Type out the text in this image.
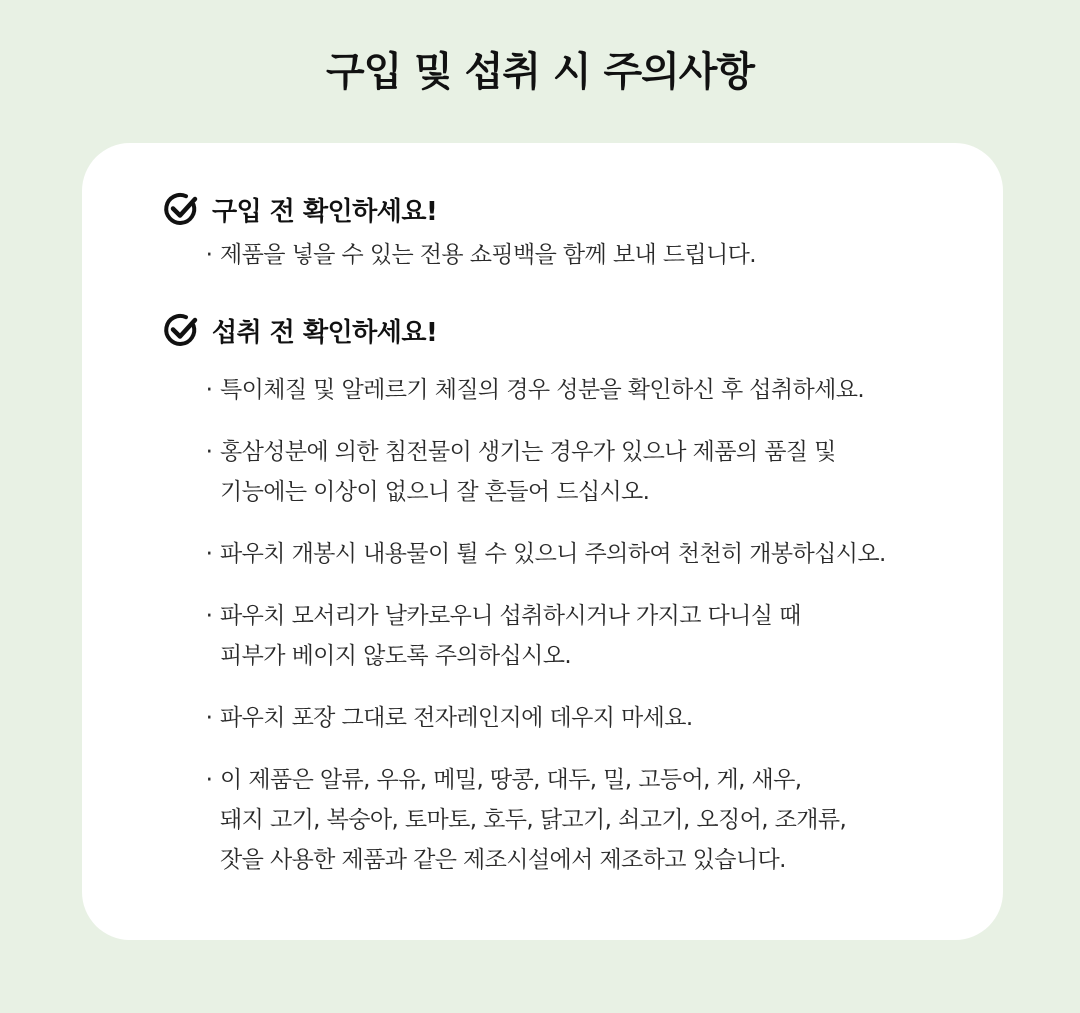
구입 및 섭취 시 주의사항
구입 전 확인하세요!
· 제품을 넣을 수 있는 전용 쇼핑백을 함께 보내 드립니다.
섭취 전 확인하세요!
· 특이체질 및 알레르기 체질의 경우 성분을 확인하신 후 섭취하세요.
· 홍삼성분에 의한 침전물이 생기는 경우가 있으나 제품의 품질 및
기능에는 이상이 없으니 잘 흔들어 드십시오.
· 파우치 개봉시 내용물이 튈 수 있으니 주의하여 천천히 개봉하십시오.
· 파우치 모서리가 날카로우니 섭취하시거나 가지고 다니실 때
피부가 베이지 않도록 주의하십시오.
· 파우치 포장 그대로 전자레인지에 데우지 마세요.
· 이 제품은 알류, 우유, 메밀, 땅콩, 대두, 밀, 고등어, 게, 새우,
돼지 고기, 복숭아, 토마토, 호두, 닭고기, 쇠고기, 오징어, 조개류,
잣을 사용한 제품과 같은 제조시설에서 제조하고 있습니다.
